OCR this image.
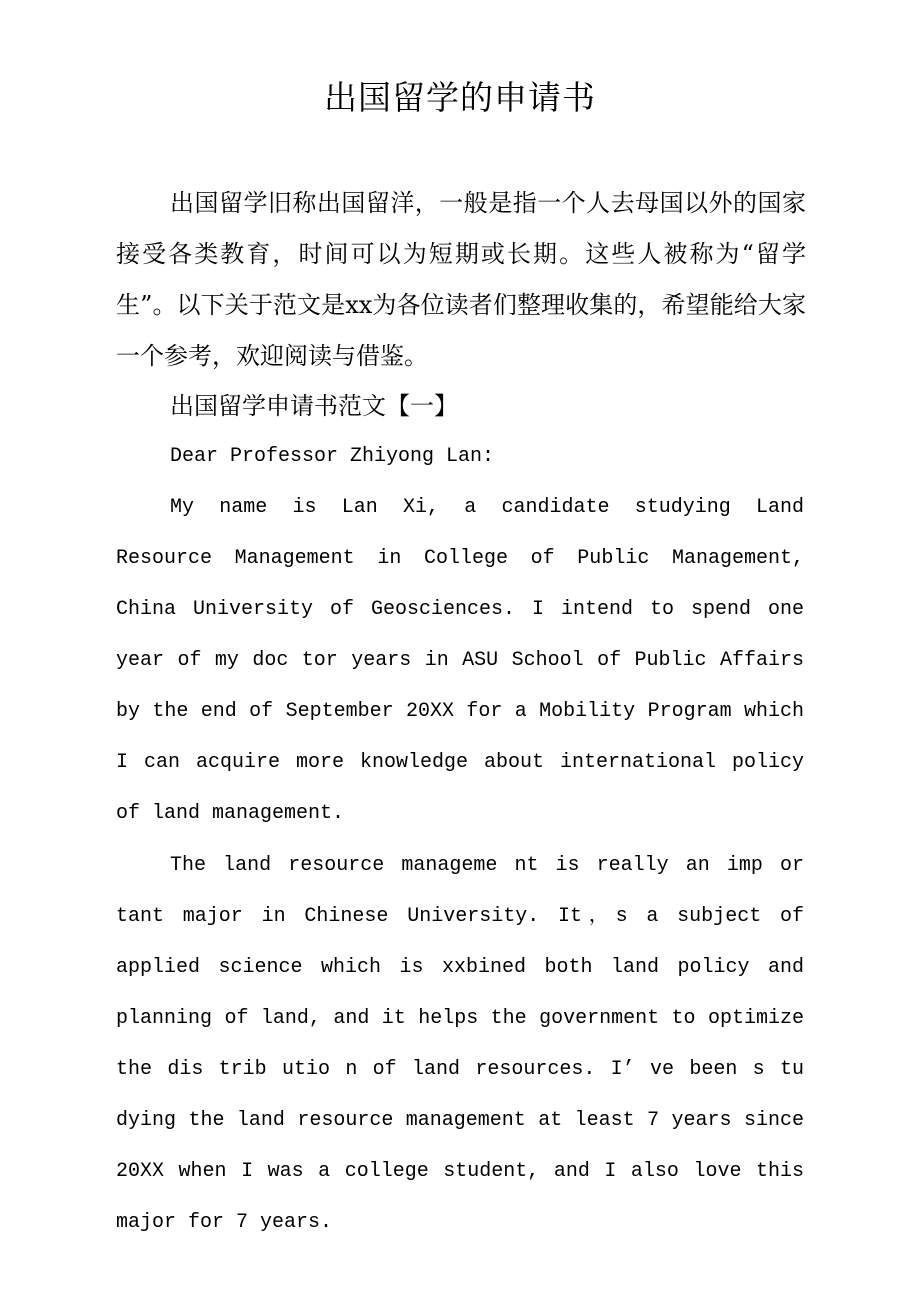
出国留学的申请书
出国留学旧称出国留洋，一般是指一个人去母国以外的国家接受各类教育，时间可以为短期或长期。这些人被称为“留学生”。以下关于范文是xx为各位读者们整理收集的，希望能给大家一个参考，欢迎阅读与借鉴。
出国留学申请书范文【一】
Dear Professor Zhiyong Lan:
My name is Lan Xi, a candidate studying Land Resource Management in College of Public Management, China University of Geosciences. I intend to spend one year of my doc tor years in ASU School of Public Affairs by the end of September 20XX for a Mobility Program which I can acquire more knowledge about international policy of land management.
The land resource manageme nt is really an imp or tant major in Chinese University. It，s a subject of applied science which is xxbined both land policy and planning of land, and it helps the government to optimize the dis trib utio n of land resources. I’ ve been s tu dying the land resource management at least 7 years since 20XX when I was a college student, and I also love this major for 7 years.
